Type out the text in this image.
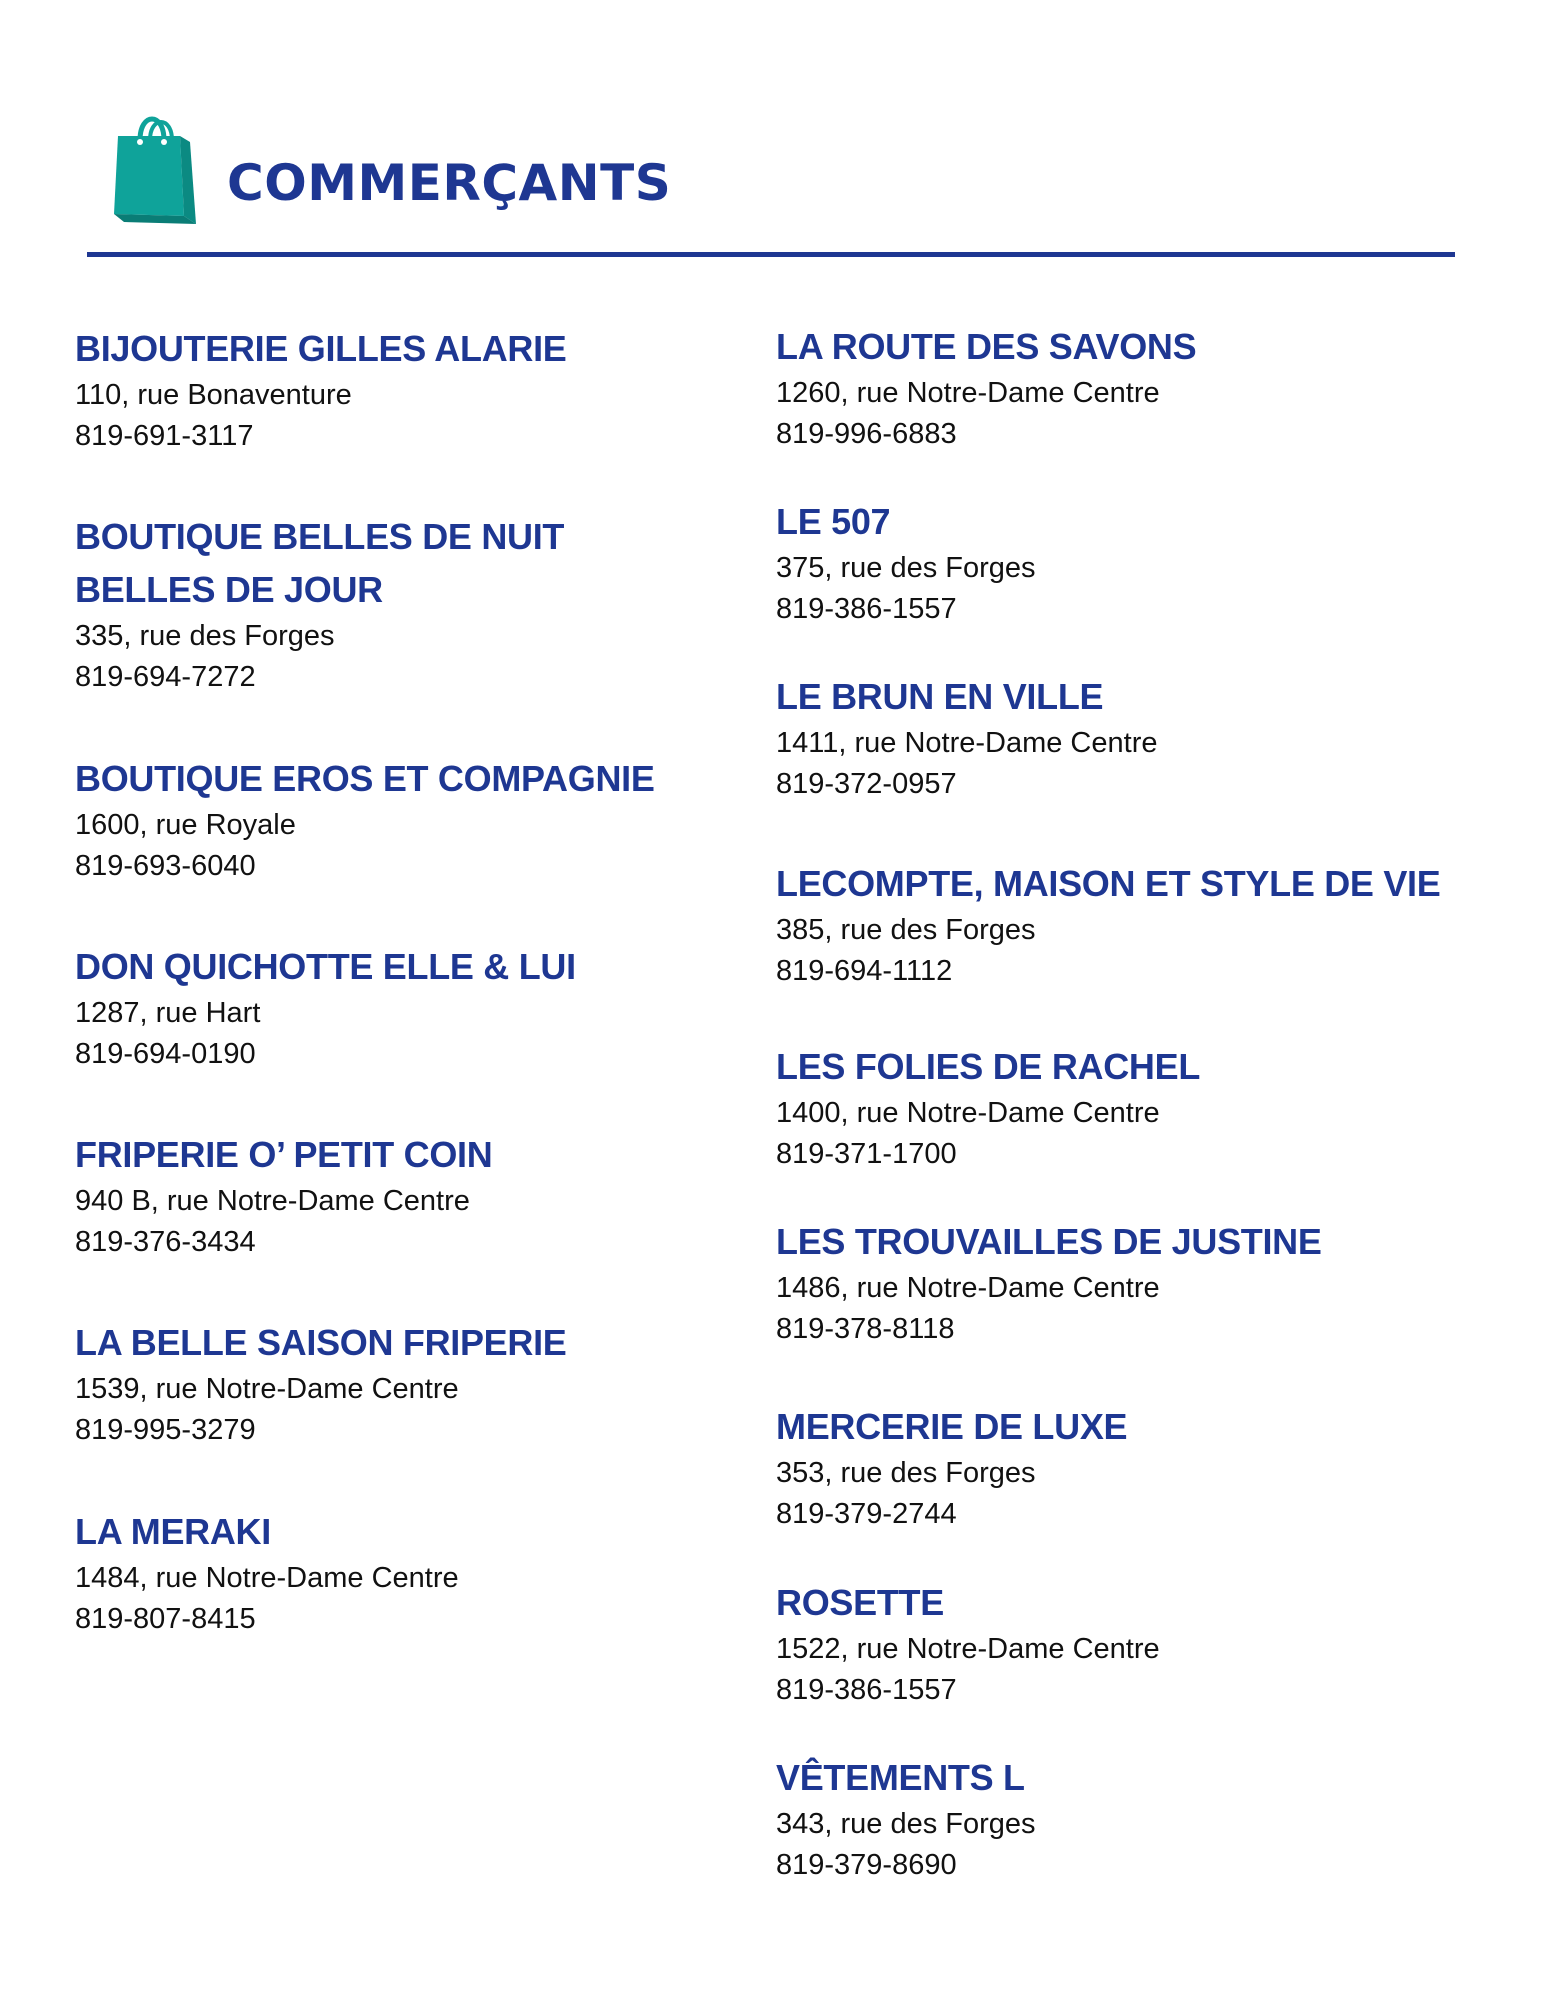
COMMERÇANTS
BIJOUTERIE GILLES ALARIE
110, rue Bonaventure
819-691-3117
BOUTIQUE BELLES DE NUIT
BELLES DE JOUR
335, rue des Forges
819-694-7272
BOUTIQUE EROS ET COMPAGNIE
1600, rue Royale
819-693-6040
DON QUICHOTTE ELLE & LUI
1287, rue Hart
819-694-0190
FRIPERIE O’ PETIT COIN
940 B, rue Notre-Dame Centre
819-376-3434
LA BELLE SAISON FRIPERIE
1539, rue Notre-Dame Centre
819-995-3279
LA MERAKI
1484, rue Notre-Dame Centre
819-807-8415
LA ROUTE DES SAVONS
1260, rue Notre-Dame Centre
819-996-6883
LE 507
375, rue des Forges
819-386-1557
LE BRUN EN VILLE
1411, rue Notre-Dame Centre
819-372-0957
LECOMPTE, MAISON ET STYLE DE VIE
385, rue des Forges
819-694-1112
LES FOLIES DE RACHEL
1400, rue Notre-Dame Centre
819-371-1700
LES TROUVAILLES DE JUSTINE
1486, rue Notre-Dame Centre
819-378-8118
MERCERIE DE LUXE
353, rue des Forges
819-379-2744
ROSETTE
1522, rue Notre-Dame Centre
819-386-1557
VÊTEMENTS L
343, rue des Forges
819-379-8690
